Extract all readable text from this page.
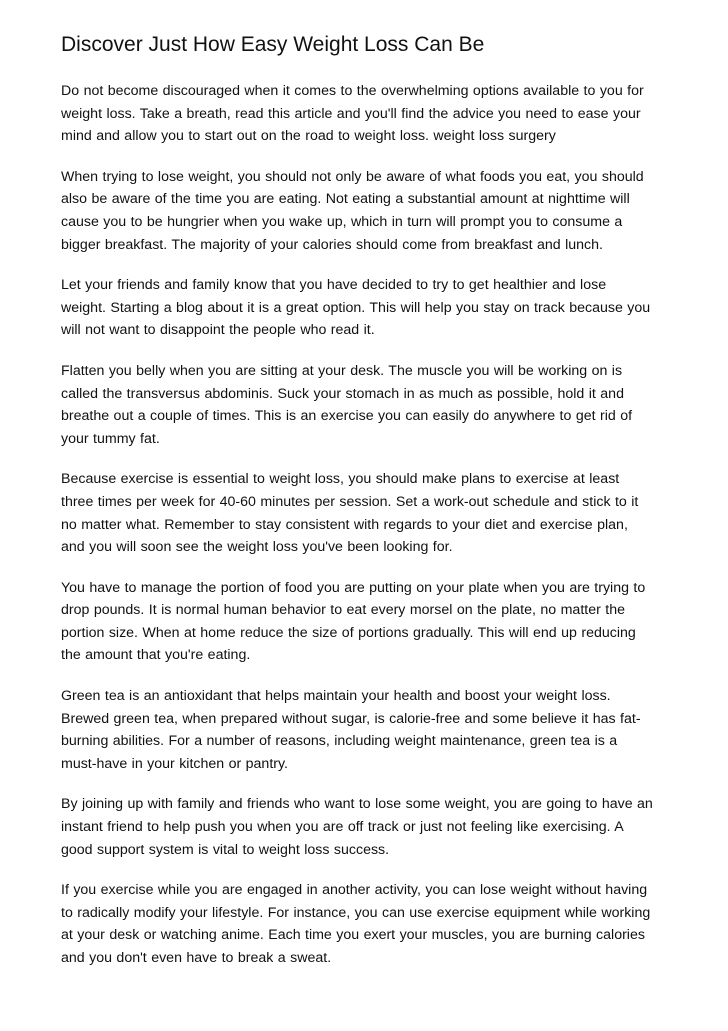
Discover Just How Easy Weight Loss Can Be

Do not become discouraged when it comes to the overwhelming options available to you for
weight loss. Take a breath, read this article and you'll find the advice you need to ease your
mind and allow you to start out on the road to weight loss. weight loss surgery

When trying to lose weight, you should not only be aware of what foods you eat, you should
also be aware of the time you are eating. Not eating a substantial amount at nighttime will
cause you to be hungrier when you wake up, which in turn will prompt you to consume a
bigger breakfast. The majority of your calories should come from breakfast and lunch.

Let your friends and family know that you have decided to try to get healthier and lose
weight. Starting a blog about it is a great option. This will help you stay on track because you
will not want to disappoint the people who read it.

Flatten you belly when you are sitting at your desk. The muscle you will be working on is
called the transversus abdominis. Suck your stomach in as much as possible, hold it and
breathe out a couple of times. This is an exercise you can easily do anywhere to get rid of
your tummy fat.

Because exercise is essential to weight loss, you should make plans to exercise at least
three times per week for 40-60 minutes per session. Set a work-out schedule and stick to it
no matter what. Remember to stay consistent with regards to your diet and exercise plan,
and you will soon see the weight loss you've been looking for.

You have to manage the portion of food you are putting on your plate when you are trying to
drop pounds. It is normal human behavior to eat every morsel on the plate, no matter the
portion size. When at home reduce the size of portions gradually. This will end up reducing
the amount that you're eating.

Green tea is an antioxidant that helps maintain your health and boost your weight loss.
Brewed green tea, when prepared without sugar, is calorie-free and some believe it has fat-
burning abilities. For a number of reasons, including weight maintenance, green tea is a
must-have in your kitchen or pantry.

By joining up with family and friends who want to lose some weight, you are going to have an
instant friend to help push you when you are off track or just not feeling like exercising. A
good support system is vital to weight loss success.

If you exercise while you are engaged in another activity, you can lose weight without having
to radically modify your lifestyle. For instance, you can use exercise equipment while working
at your desk or watching anime. Each time you exert your muscles, you are burning calories
and you don't even have to break a sweat.
